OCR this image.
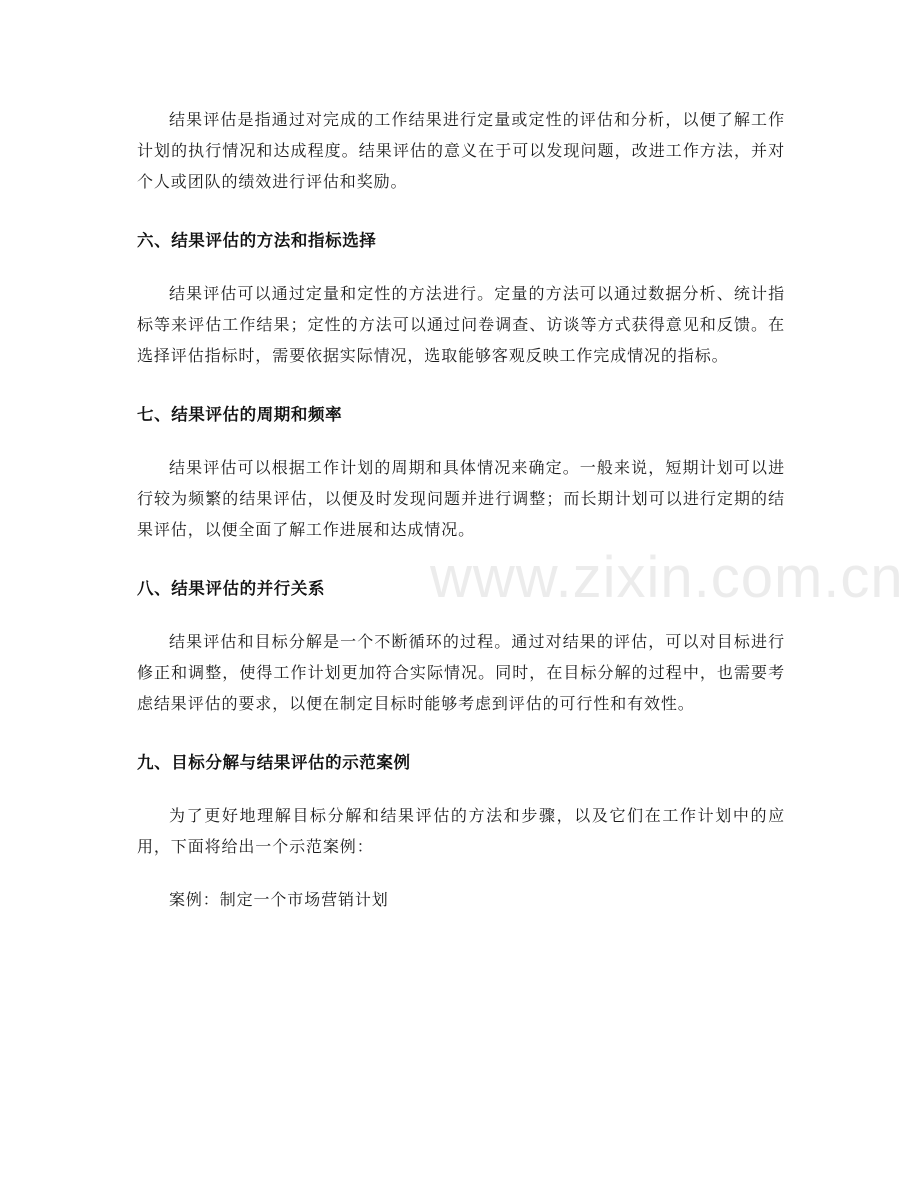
结果评估是指通过对完成的工作结果进行定量或定性的评估和分析，以便了解工作计划的执行情况和达成程度。结果评估的意义在于可以发现问题，改进工作方法，并对个人或团队的绩效进行评估和奖励。

六、结果评估的方法和指标选择

结果评估可以通过定量和定性的方法进行。定量的方法可以通过数据分析、统计指标等来评估工作结果；定性的方法可以通过问卷调查、访谈等方式获得意见和反馈。在选择评估指标时，需要依据实际情况，选取能够客观反映工作完成情况的指标。

七、结果评估的周期和频率

结果评估可以根据工作计划的周期和具体情况来确定。一般来说，短期计划可以进行较为频繁的结果评估，以便及时发现问题并进行调整；而长期计划可以进行定期的结果评估，以便全面了解工作进展和达成情况。

八、结果评估的并行关系

结果评估和目标分解是一个不断循环的过程。通过对结果的评估，可以对目标进行修正和调整，使得工作计划更加符合实际情况。同时，在目标分解的过程中，也需要考虑结果评估的要求，以便在制定目标时能够考虑到评估的可行性和有效性。

九、目标分解与结果评估的示范案例

为了更好地理解目标分解和结果评估的方法和步骤，以及它们在工作计划中的应用，下面将给出一个示范案例：

案例：制定一个市场营销计划

www.zixin.com.cn
